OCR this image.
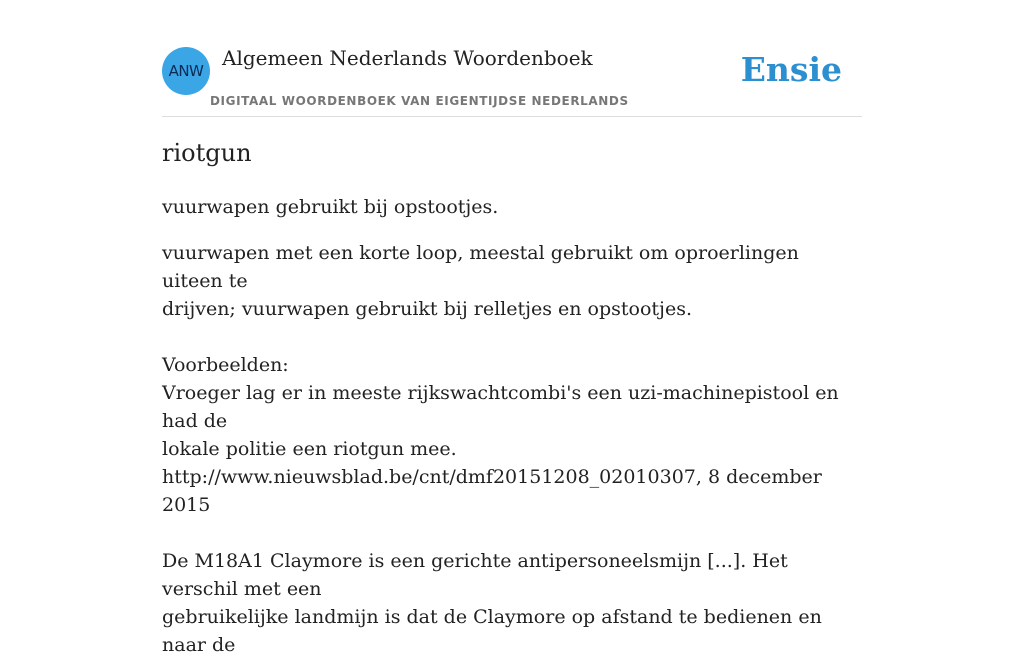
ANW
Algemeen Nederlands Woordenboek
DIGITAAL WOORDENBOEK VAN EIGENTIJDSE NEDERLANDS
Ensie
riotgun
vuurwapen gebruikt bij opstootjes.

vuurwapen met een korte loop, meestal gebruikt om oproerlingen uiteen te

drijven; vuurwapen gebruikt bij relletjes en opstootjes.

Voorbeelden:

Vroeger lag er in meeste rijkswachtcombi's een uzi-machinepistool en had de

lokale politie een riotgun mee.

http://www.nieuwsblad.be/cnt/dmf20151208_02010307, 8 december 2015

De M18A1 Claymore is een gerichte antipersoneelsmijn [...]. Het verschil met een

gebruikelijke landmijn is dat de Claymore op afstand te bedienen en naar de
